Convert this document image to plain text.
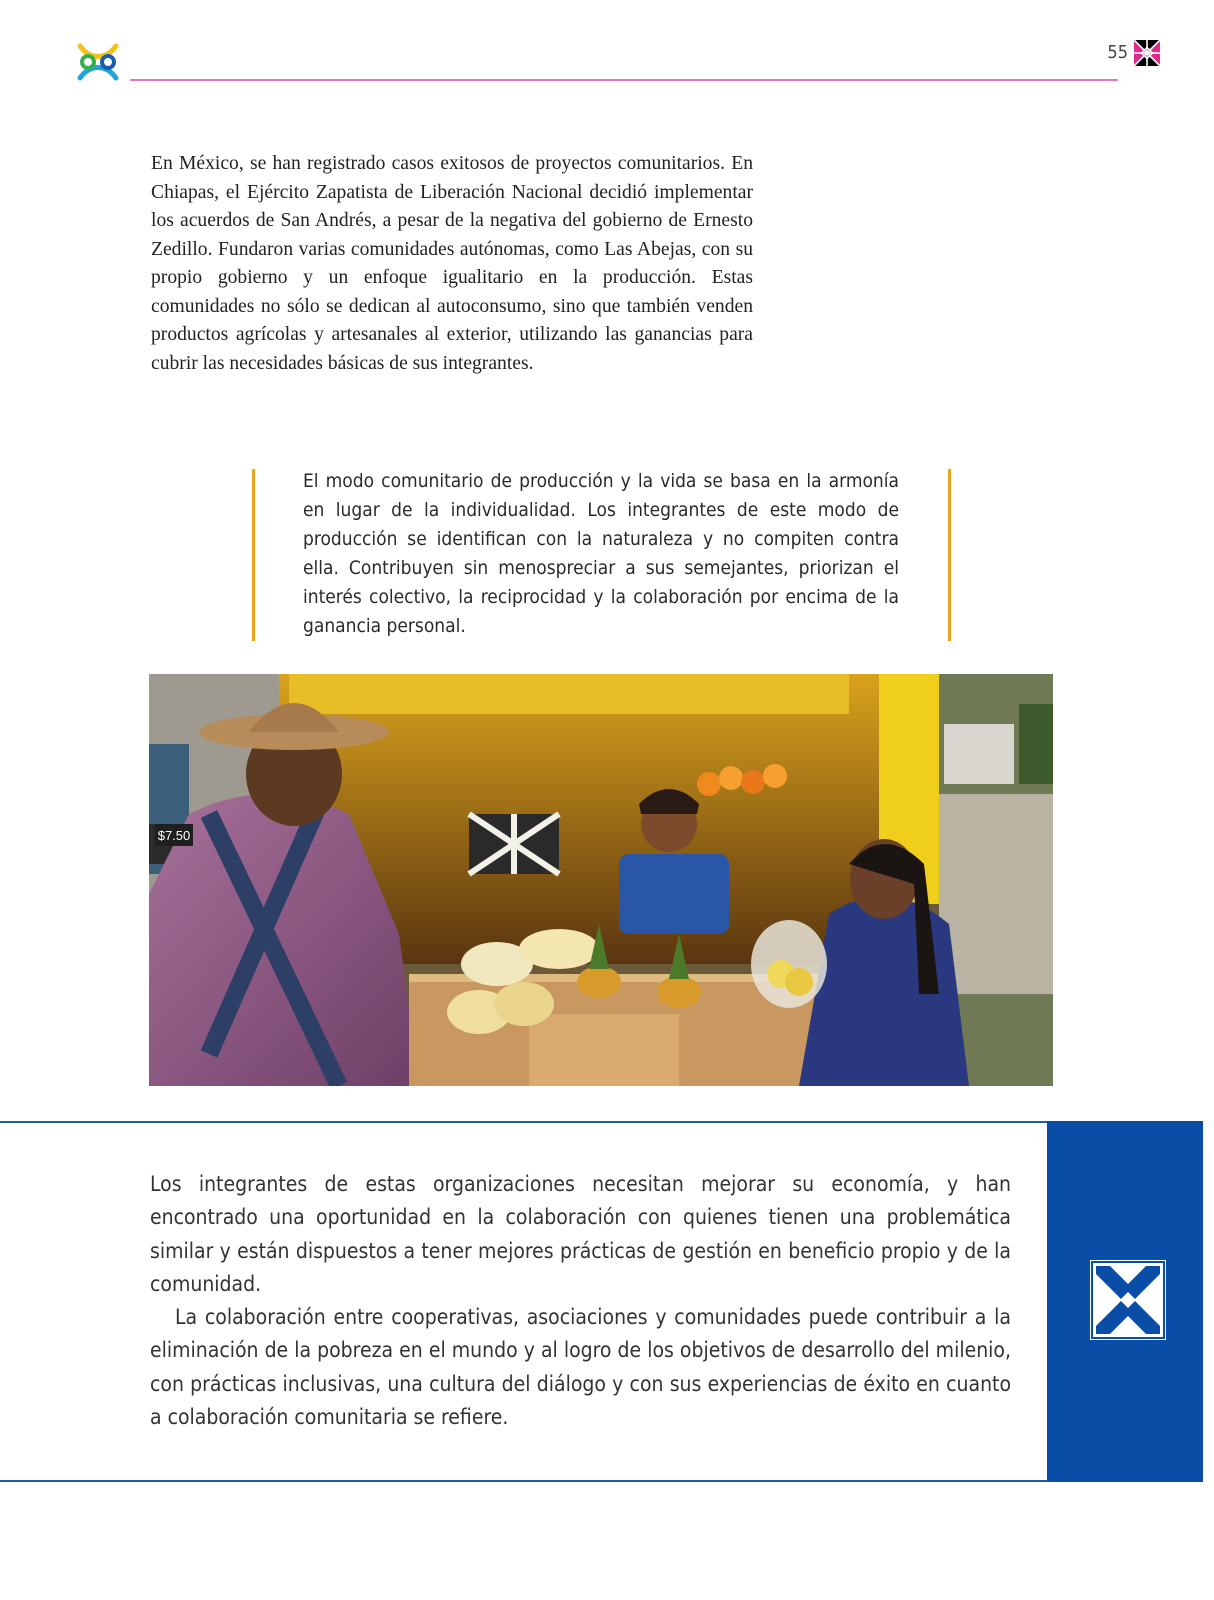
55
En México, se han registrado casos exitosos de proyectos comunitarios. En Chiapas, el Ejército Zapatista de Liberación Nacional decidió implementar los acuerdos de San Andrés, a pesar de la negativa del gobierno de Ernesto Zedillo. Fundaron varias comunidades autónomas, como Las Abejas, con su propio gobierno y un enfoque igualitario en la producción. Estas comunidades no sólo se dedican al autoconsumo, sino que también venden productos agrícolas y artesanales al exterior, utilizando las ganancias para cubrir las necesidades básicas de sus integrantes.
El modo comunitario de producción y la vida se basa en la armonía en lugar de la individualidad. Los integrantes de este modo de producción se identifican con la naturaleza y no compiten contra ella. Contribuyen sin menospreciar a sus semejantes, priorizan el interés colectivo, la reciprocidad y la colaboración por encima de la ganancia personal.
$7.50

Los integrantes de estas organizaciones necesitan mejorar su economía, y han encontrado una oportunidad en la colaboración con quienes tienen una problemática similar y están dispuestos a tener mejores prácticas de gestión en beneficio propio y de la comunidad.

La colaboración entre cooperativas, asociaciones y comunidades puede contribuir a la eliminación de la pobreza en el mundo y al logro de los objetivos de desarrollo del milenio, con prácticas inclusivas, una cultura del diálogo y con sus experiencias de éxito en cuanto a colaboración comunitaria se refiere.
